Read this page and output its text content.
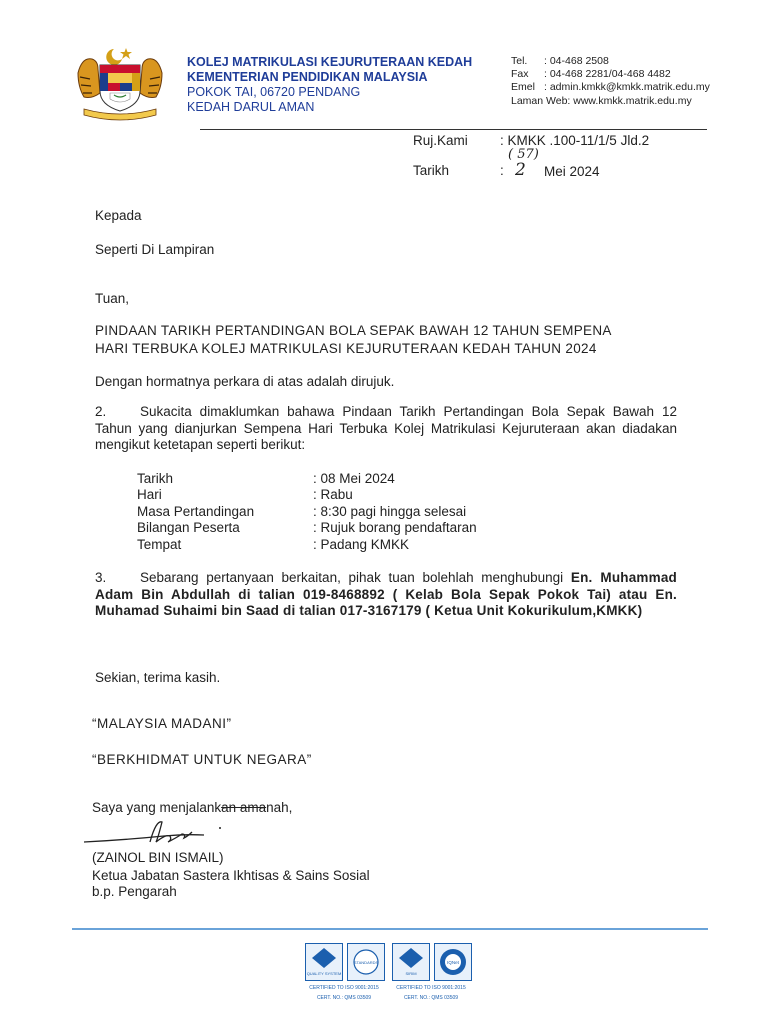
KOLEJ MATRIKULASI KEJURUTERAAN KEDAH
KEMENTERIAN PENDIDIKAN MALAYSIA
POKOK TAI, 06720 PENDANG
KEDAH DARUL AMAN
Tel. : 04-468 2508
Fax : 04-468 2281/04-468 4482
Emel : admin.kmkk@kmkk.matrik.edu.my
Laman Web: www.kmkk.matrik.edu.my
Ruj.Kami : KMKK .100-11/1/5 Jld.2
( 57)
Tarikh	: 2 Mei 2024
Kepada
Seperti Di Lampiran
Tuan,
PINDAAN TARIKH PERTANDINGAN BOLA SEPAK BAWAH 12 TAHUN SEMPENA
HARI TERBUKA KOLEJ MATRIKULASI KEJURUTERAAN KEDAH TAHUN 2024
Dengan hormatnya perkara di atas adalah dirujuk.
2. Sukacita dimaklumkan bahawa Pindaan Tarikh Pertandingan Bola Sepak Bawah 12 Tahun yang dianjurkan Sempena Hari Terbuka Kolej Matrikulasi Kejuruteraan akan diadakan mengikut ketetapan seperti berikut:
Tarikh	: 08 Mei 2024
Hari	: Rabu
Masa Pertandingan	: 8:30 pagi hingga selesai
Bilangan Peserta	: Rujuk borang pendaftaran
Tempat	: Padang KMKK
3. Sebarang pertanyaan berkaitan, pihak tuan bolehlah menghubungi En. Muhammad Adam Bin Abdullah di talian 019-8468892 ( Kelab Bola Sepak Pokok Tai) atau En. Muhamad Suhaimi bin Saad di talian 017-3167179 ( Ketua Unit Kokurikulum,KMKK)
Sekian, terima kasih.
“MALAYSIA MADANI”
“BERKHIDMAT UNTUK NEGARA”
Saya yang menjalankan amanah,
(ZAINOL BIN ISMAIL)
Ketua Jabatan Sastera Ikhtisas & Sains Sosial
b.p. Pengarah
QUALITY SYSTEM
STANDARDS
CERTIFIED TO ISO 9001:2015
CERT. NO.: QMS 03509
SIRIM
IQNet
CERTIFIED TO ISO 9001:2015
CERT. NO.: QMS 03509
